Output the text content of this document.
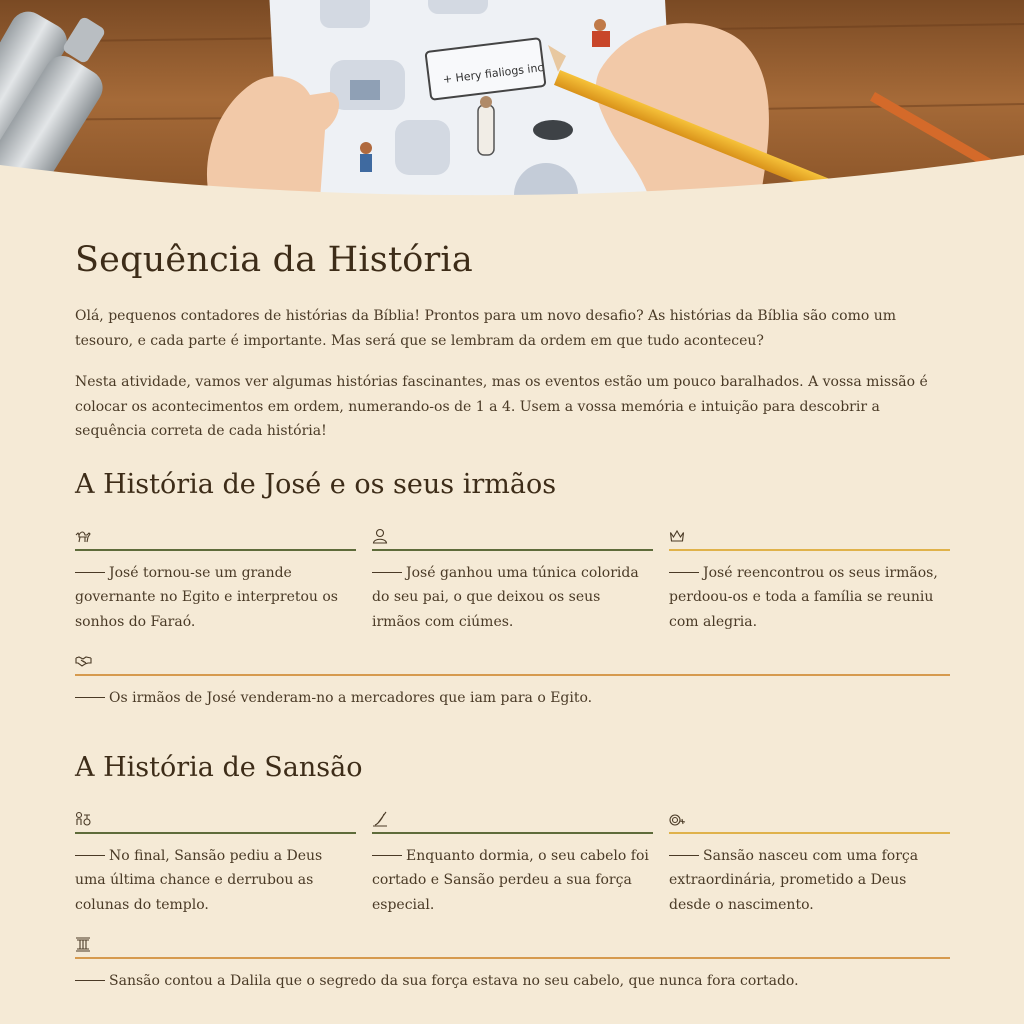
+ Hery fialiogs inc
Sequência da História

Olá, pequenos contadores de histórias da Bíblia! Prontos para um novo desafio? As histórias da Bíblia são como um tesouro, e cada parte é importante. Mas será que se lembram da ordem em que tudo aconteceu?

Nesta atividade, vamos ver algumas histórias fascinantes, mas os eventos estão um pouco baralhados. A vossa missão é colocar os acontecimentos em ordem, numerando-os de 1 a 4. Usem a vossa memória e intuição para descobrir a sequência correta de cada história!

A História de José e os seus irmãos

José tornou-se um grande governante no Egito e interpretou os sonhos do Faraó.

José ganhou uma túnica colorida do seu pai, o que deixou os seus irmãos com ciúmes.

José reencontrou os seus irmãos, perdoou-os e toda a família se reuniu com alegria.

Os irmãos de José venderam-no a mercadores que iam para o Egito.

A História de Sansão

No final, Sansão pediu a Deus uma última chance e derrubou as colunas do templo.

Enquanto dormia, o seu cabelo foi cortado e Sansão perdeu a sua força especial.

Sansão nasceu com uma força extraordinária, prometido a Deus desde o nascimento.

Sansão contou a Dalila que o segredo da sua força estava no seu cabelo, que nunca fora cortado.
